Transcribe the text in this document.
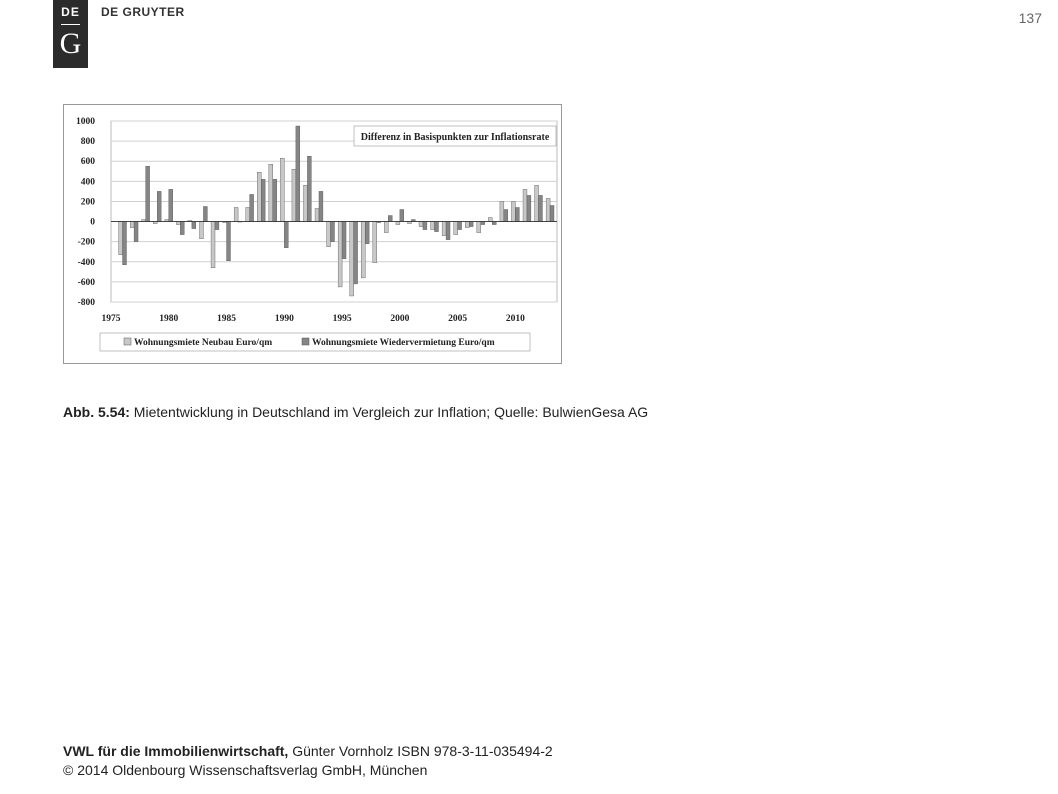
DE
G
DE GRUYTER	137
1000
800
600
400
200
0
-200
-400
-600
-800
1975	1980	1985	1990	1995	2000	2005	2010
Differenz in Basispunkten zur Inflationsrate
Wohnungsmiete Neubau Euro/qm	Wohnungsmiete Wiedervermietung Euro/qm
Abb. 5.54: Mietentwicklung in Deutschland im Vergleich zur Inflation; Quelle: BulwienGesa AG
VWL für die Immobilienwirtschaft, Günter Vornholz ISBN 978-3-11-035494-2
© 2014 Oldenbourg Wissenschaftsverlag GmbH, München
